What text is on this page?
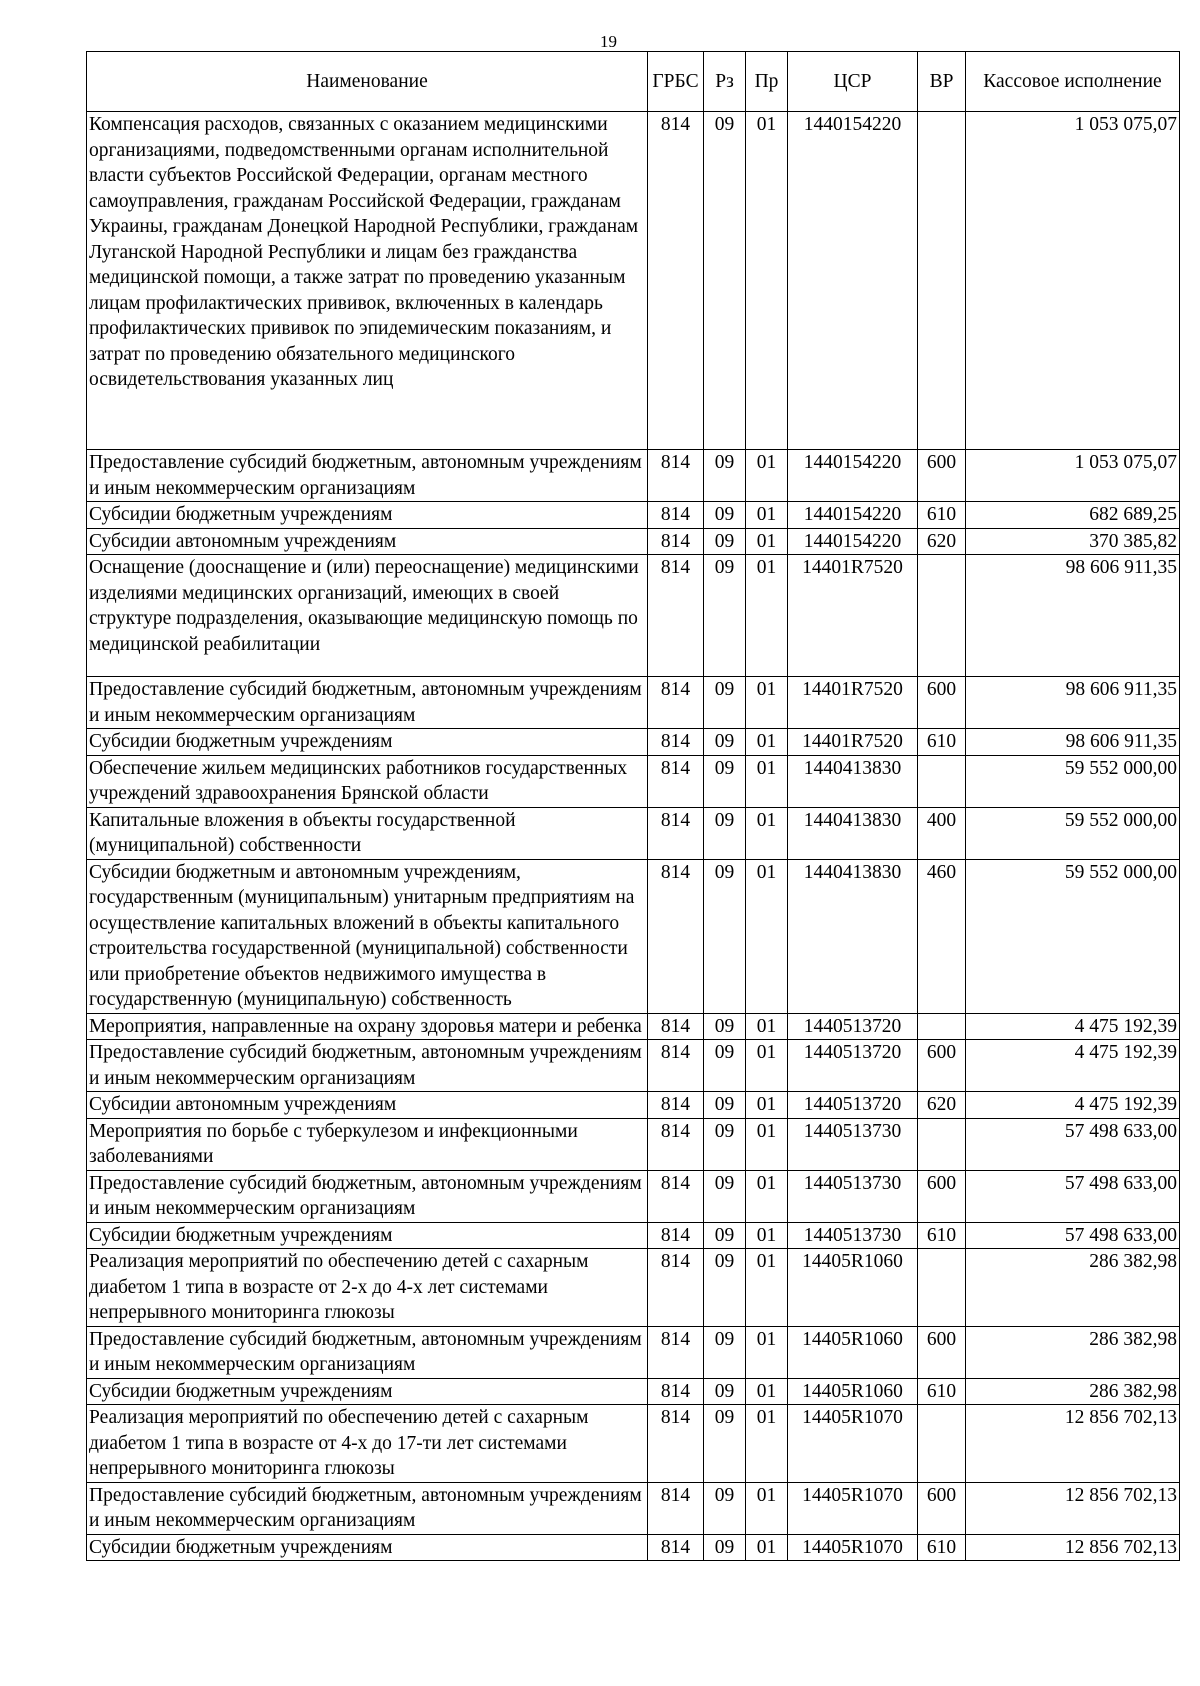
19
Наименование	ГРБС	Рз	Пр	ЦСР	ВР	Кассовое исполнение
Компенсация расходов, связанных с оказанием медицинскими организациями, подведомственными органам исполнительной власти субъектов Российской Федерации, органам местного самоуправления, гражданам Российской Федерации, гражданам Украины, гражданам Донецкой Народной Республики, гражданам Луганской Народной Республики и лицам без гражданства медицинской помощи, а также затрат по проведению указанным лицам профилактических прививок, включенных в календарь профилактических прививок по эпидемическим показаниям, и затрат по проведению обязательного медицинского освидетельствования указанных лиц	814	09	01	1440154220		1 053 075,07
Предоставление субсидий бюджетным, автономным учреждениям и иным некоммерческим организациям	814	09	01	1440154220	600	1 053 075,07
Субсидии бюджетным учреждениям	814	09	01	1440154220	610	682 689,25
Субсидии автономным учреждениям	814	09	01	1440154220	620	370 385,82
Оснащение (дооснащение и (или) переоснащение) медицинскими изделиями медицинских организаций, имеющих в своей структуре подразделения, оказывающие медицинскую помощь по медицинской реабилитации	814	09	01	14401R7520		98 606 911,35
Предоставление субсидий бюджетным, автономным учреждениям и иным некоммерческим организациям	814	09	01	14401R7520	600	98 606 911,35
Субсидии бюджетным учреждениям	814	09	01	14401R7520	610	98 606 911,35
Обеспечение жильем медицинских работников государственных учреждений здравоохранения Брянской области	814	09	01	1440413830		59 552 000,00
Капитальные вложения в объекты государственной (муниципальной) собственности	814	09	01	1440413830	400	59 552 000,00
Субсидии бюджетным и автономным учреждениям, государственным (муниципальным) унитарным предприятиям на осуществление капитальных вложений в объекты капитального строительства государственной (муниципальной) собственности или приобретение объектов недвижимого имущества в государственную (муниципальную) собственность	814	09	01	1440413830	460	59 552 000,00
Мероприятия, направленные на охрану здоровья матери и ребенка	814	09	01	1440513720		4 475 192,39
Предоставление субсидий бюджетным, автономным учреждениям и иным некоммерческим организациям	814	09	01	1440513720	600	4 475 192,39
Субсидии автономным учреждениям	814	09	01	1440513720	620	4 475 192,39
Мероприятия по борьбе с туберкулезом и инфекционными заболеваниями	814	09	01	1440513730		57 498 633,00
Предоставление субсидий бюджетным, автономным учреждениям и иным некоммерческим организациям	814	09	01	1440513730	600	57 498 633,00
Субсидии бюджетным учреждениям	814	09	01	1440513730	610	57 498 633,00
Реализация мероприятий по обеспечению детей с сахарным диабетом 1 типа в возрасте от 2-х до 4-х лет системами непрерывного мониторинга глюкозы	814	09	01	14405R1060		286 382,98
Предоставление субсидий бюджетным, автономным учреждениям и иным некоммерческим организациям	814	09	01	14405R1060	600	286 382,98
Субсидии бюджетным учреждениям	814	09	01	14405R1060	610	286 382,98
Реализация мероприятий по обеспечению детей с сахарным диабетом 1 типа в возрасте от 4-х до 17-ти лет системами непрерывного мониторинга глюкозы	814	09	01	14405R1070		12 856 702,13
Предоставление субсидий бюджетным, автономным учреждениям и иным некоммерческим организациям	814	09	01	14405R1070	600	12 856 702,13
Субсидии бюджетным учреждениям	814	09	01	14405R1070	610	12 856 702,13
